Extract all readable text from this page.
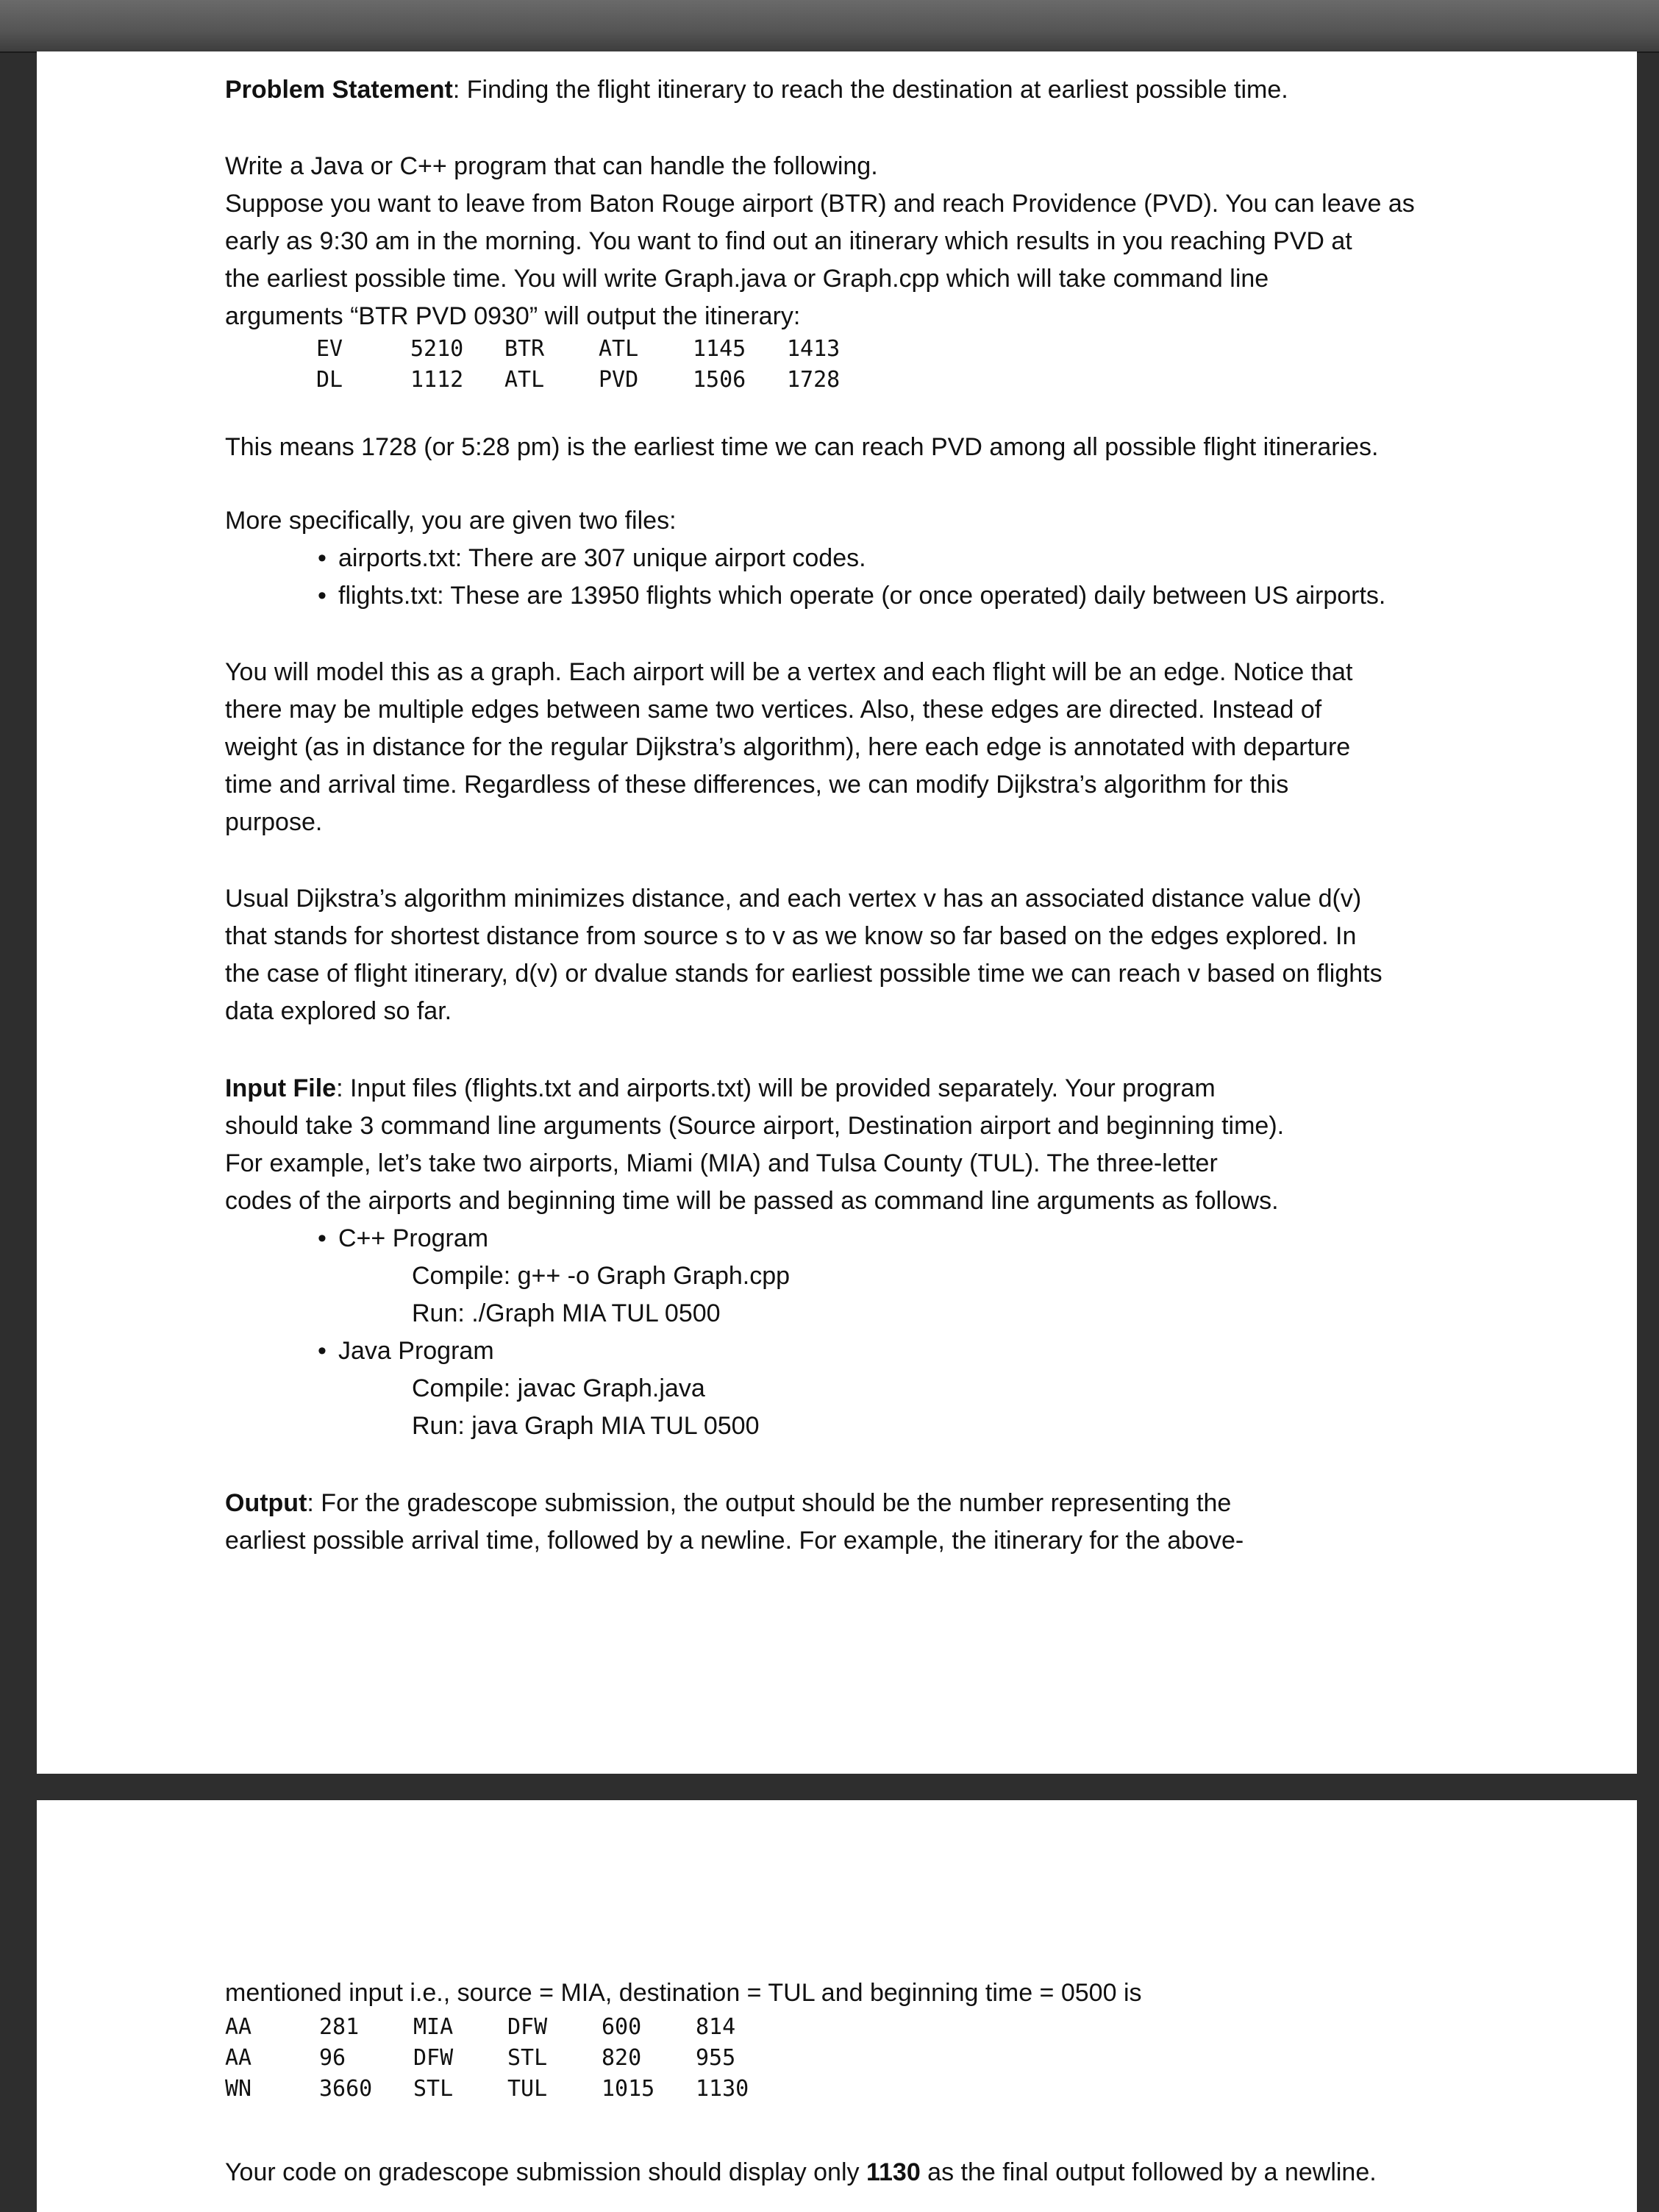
Problem Statement: Finding the flight itinerary to reach the destination at earliest possible time.

Write a Java or C++ program that can handle the following.

Suppose you want to leave from Baton Rouge airport (BTR) and reach Providence (PVD). You can leave as

early as 9:30 am in the morning. You want to find out an itinerary which results in you reaching PVD at

the earliest possible time. You will write Graph.java or Graph.cpp which will take command line

arguments “BTR PVD 0930” will output the itinerary:

EV	5210	BTR	ATL	1145	1413
DL	1112	ATL	PVD	1506	1728

This means 1728 (or 5:28 pm) is the earliest time we can reach PVD among all possible flight itineraries.

More specifically, you are given two files:

• airports.txt: There are 307 unique airport codes.

• flights.txt: These are 13950 flights which operate (or once operated) daily between US airports.

You will model this as a graph. Each airport will be a vertex and each flight will be an edge. Notice that

there may be multiple edges between same two vertices. Also, these edges are directed. Instead of

weight (as in distance for the regular Dijkstra’s algorithm), here each edge is annotated with departure

time and arrival time. Regardless of these differences, we can modify Dijkstra’s algorithm for this

purpose.

Usual Dijkstra’s algorithm minimizes distance, and each vertex v has an associated distance value d(v)

that stands for shortest distance from source s to v as we know so far based on the edges explored. In

the case of flight itinerary, d(v) or dvalue stands for earliest possible time we can reach v based on flights

data explored so far.

Input File: Input files (flights.txt and airports.txt) will be provided separately. Your program

should take 3 command line arguments (Source airport, Destination airport and beginning time).

For example, let’s take two airports, Miami (MIA) and Tulsa County (TUL). The three-letter

codes of the airports and beginning time will be passed as command line arguments as follows.

• C++ Program

Compile: g++ -o Graph Graph.cpp

Run: ./Graph MIA TUL 0500

• Java Program

Compile: javac Graph.java

Run: java Graph MIA TUL 0500

Output: For the gradescope submission, the output should be the number representing the

earliest possible arrival time, followed by a newline. For example, the itinerary for the above-

mentioned input i.e., source = MIA, destination = TUL and beginning time = 0500 is

AA	281	MIA	DFW	600	814
AA	96	DFW	STL	820	955
WN	3660	STL	TUL	1015	1130

Your code on gradescope submission should display only 1130 as the final output followed by a newline.
